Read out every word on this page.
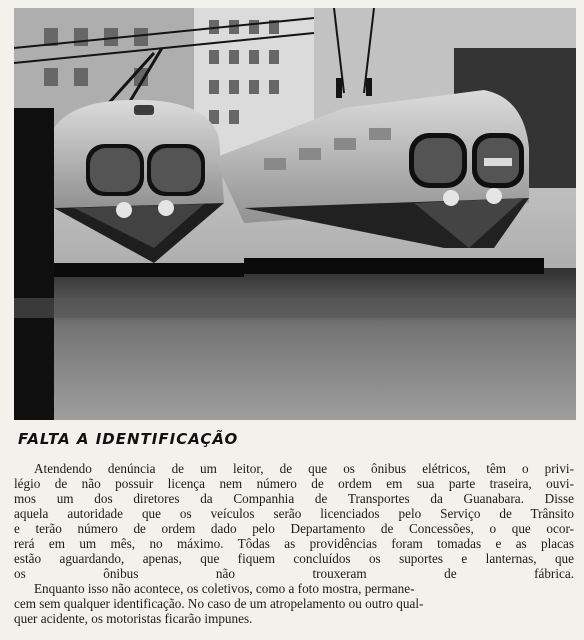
FALTA A IDENTIFICAÇÃO

Atendendo denúncia de um leitor, de que os ônibus elétricos, têm o privi-
légio de não possuir licença nem número de ordem em sua parte traseira, ouvi-
mos um dos diretores da Companhia de Transportes da Guanabara. Disse
aquela autoridade que os veículos serão licenciados pelo Serviço de Trânsito
e terão número de ordem dado pelo Departamento de Concessões, o que ocor-
rerá em um mês, no máximo. Tôdas as providências foram tomadas e as placas
estão aguardando, apenas, que fiquem concluídos os suportes e lanternas, que
os ônibus não trouxeram de fábrica.

Enquanto isso não acontece, os coletivos, como a foto mostra, permane-
cem sem qualquer identificação. No caso de um atropelamento ou outro qual-
quer acidente, os motoristas ficarão impunes.
